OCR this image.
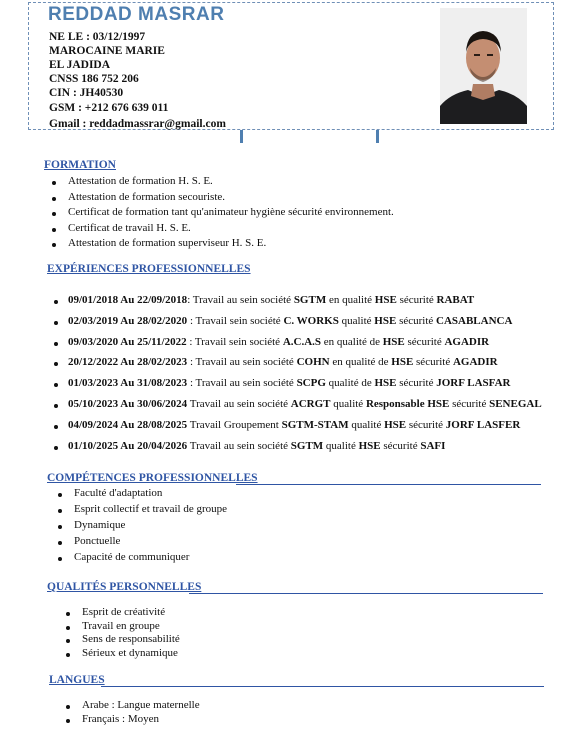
REDDAD MASRAR
NE LE : 03/12/1997
MAROCAINE MARIE
EL JADIDA
CNSS 186 752 206
CIN : JH40530
GSM : +212 676 639 011
Gmail : reddadmassrar@gmail.com
FORMATION
Attestation de formation H. S. E.
Attestation de formation secouriste.
Certificat de formation tant qu'animateur hygiène sécurité environnement.
Certificat de travail H. S. E.
Attestation de formation superviseur H. S. E.
EXPÉRIENCES PROFESSIONNELLES
09/01/2018 Au 22/09/2018: Travail au sein société SGTM en qualité HSE sécurité RABAT
02/03/2019 Au 28/02/2020 : Travail sein société C. WORKS qualité HSE sécurité CASABLANCA
09/03/2020 Au 25/11/2022 : Travail sein société A.C.A.S en qualité de HSE sécurité AGADIR
20/12/2022 Au 28/02/2023 : Travail au sein société COHN en qualité de HSE sécurité AGADIR
01/03/2023 Au 31/08/2023 : Travail au sein société SCPG qualité de HSE sécurité JORF LASFAR
05/10/2023 Au 30/06/2024 Travail au sein société ACRGT qualité Responsable HSE sécurité SENEGAL
04/09/2024 Au 28/08/2025 Travail Groupement SGTM-STAM qualité HSE sécurité JORF LASFER
01/10/2025 Au 20/04/2026 Travail au sein société SGTM qualité HSE sécurité SAFI
COMPÉTENCES PROFESSIONNELLES
Faculté d'adaptation
Esprit collectif et travail de groupe
Dynamique
Ponctuelle
Capacité de communiquer
QUALITÉS PERSONNELLES
Esprit de créativité
Travail en groupe
Sens de responsabilité
Sérieux et dynamique
LANGUES
Arabe : Langue maternelle
Français : Moyen
